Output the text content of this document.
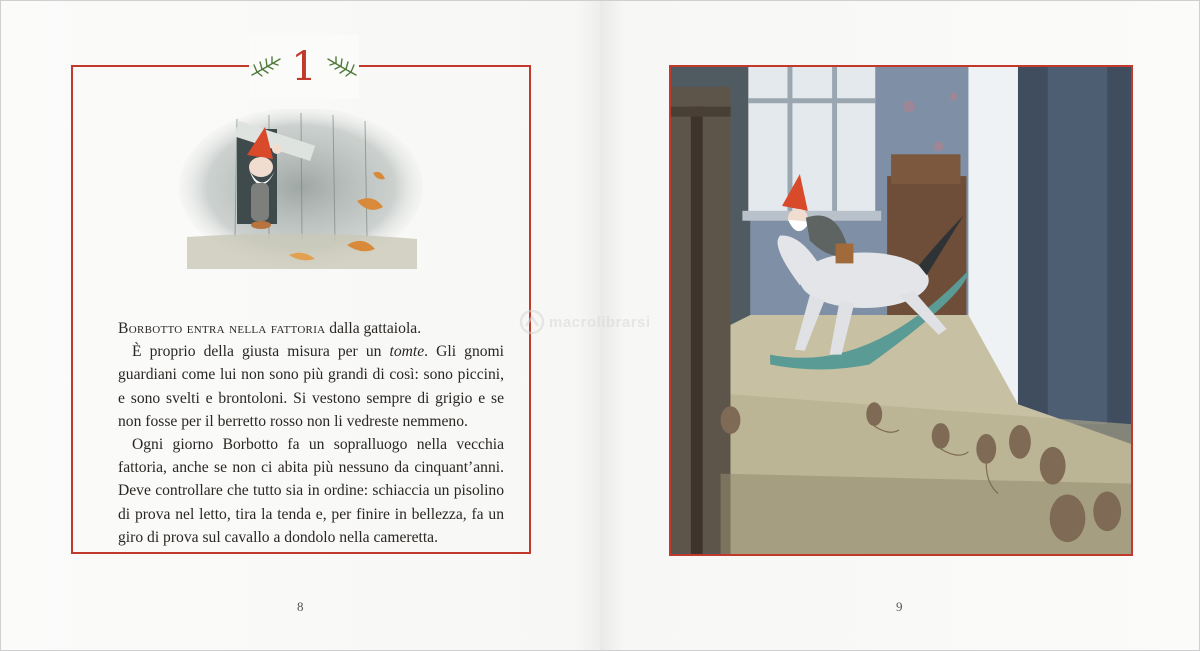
1

Borbotto entra nella fattoria dalla gattaiola.

È proprio della giusta misura per un tomte. Gli gnomi guardiani come lui non sono più grandi di così: sono piccini, e sono svelti e brontoloni. Si vestono sempre di grigio e se non fosse per il berretto rosso non li vedreste nemmeno.

Ogni giorno Borbotto fa un sopralluogo nella vecchia fattoria, anche se non ci abita più nessuno da cinquant’anni. Deve controllare che tutto sia in ordine: schiaccia un pisolino di prova nel letto, tira la tenda e, per finire in bellezza, fa un giro di prova sul cavallo a dondolo nella cameretta.

8	9
macrolibrarsi
